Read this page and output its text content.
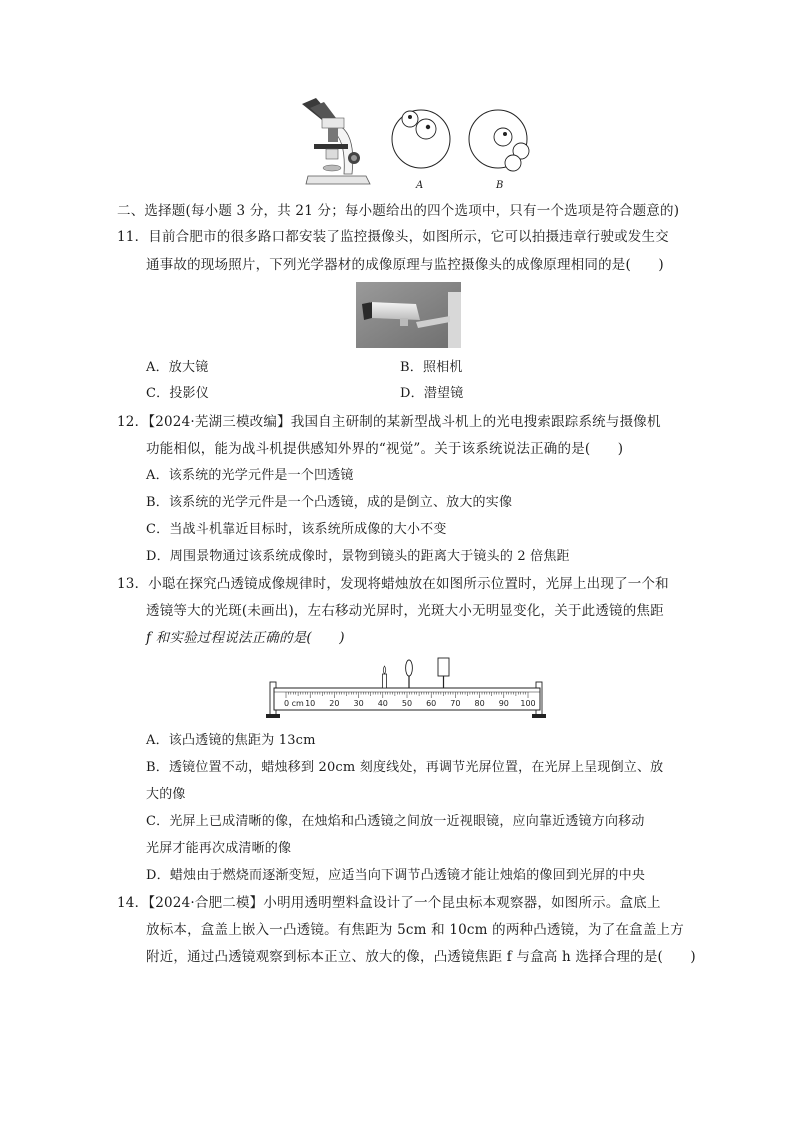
A	B
二、选择题(每小题 3 分，共 21 分；每小题给出的四个选项中，只有一个选项是符合题意的)
11．目前合肥市的很多路口都安装了监控摄像头，如图所示，它可以拍摄违章行驶或发生交
通事故的现场照片，下列光学器材的成像原理与监控摄像头的成像原理相同的是(　　)
A．放大镜	B．照相机
C．投影仪	D．潜望镜
12．【2024·芜湖三模改编】我国自主研制的某新型战斗机上的光电搜索跟踪系统与摄像机
功能相似，能为战斗机提供感知外界的“视觉”。关于该系统说法正确的是(　　)
A．该系统的光学元件是一个凹透镜
B．该系统的光学元件是一个凸透镜，成的是倒立、放大的实像
C．当战斗机靠近目标时，该系统所成像的大小不变
D．周围景物通过该系统成像时，景物到镜头的距离大于镜头的 2 倍焦距
13．小聪在探究凸透镜成像规律时，发现将蜡烛放在如图所示位置时，光屏上出现了一个和
透镜等大的光斑(未画出)，左右移动光屏时，光斑大小无明显变化，关于此透镜的焦距
f 和实验过程说法正确的是(　　)
0 cm 10 20 30 40 50 60 70 80 90 100
A．该凸透镜的焦距为 13cm
B．透镜位置不动，蜡烛移到 20cm 刻度线处，再调节光屏位置，在光屏上呈现倒立、放
大的像
C．光屏上已成清晰的像，在烛焰和凸透镜之间放一近视眼镜，应向靠近透镜方向移动
光屏才能再次成清晰的像
D．蜡烛由于燃烧而逐渐变短，应适当向下调节凸透镜才能让烛焰的像回到光屏的中央
14．【2024·合肥二模】小明用透明塑料盒设计了一个昆虫标本观察器，如图所示。盒底上
放标本，盒盖上嵌入一凸透镜。有焦距为 5cm 和 10cm 的两种凸透镜，为了在盒盖上方
附近，通过凸透镜观察到标本正立、放大的像，凸透镜焦距 f 与盒高 h 选择合理的是(　　)
